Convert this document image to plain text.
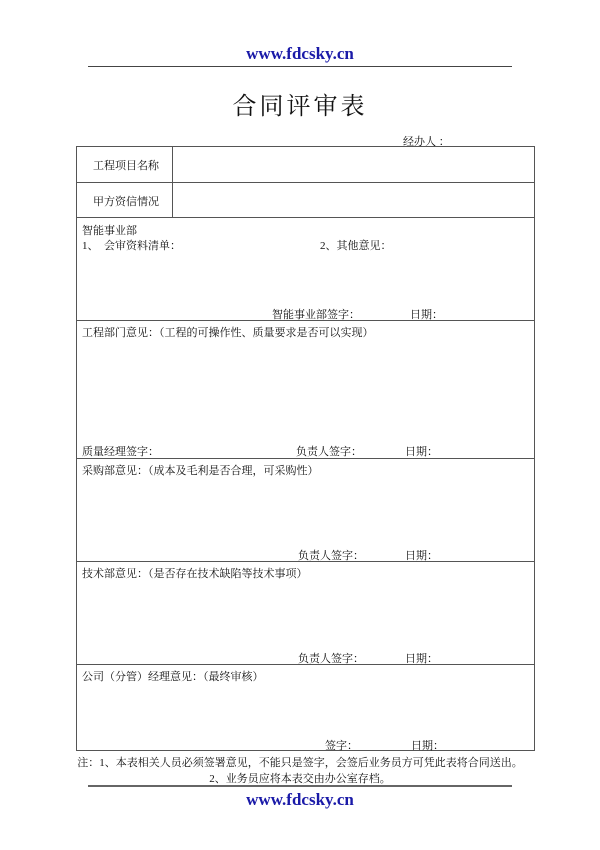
www.fdcsky.cn
合同评审表
经办人 ：
工程项目名称
甲方资信情况
智能事业部
1、　会审资料清单：	2、其他意见：
智能事业部签字：	日期：
工程部门意见：（工程的可操作性、质量要求是否可以实现）
质量经理签字：	负责人签字：	日期：
采购部意见：（成本及毛利是否合理，可采购性）
负责人签字：	日期：
技术部意见：（是否存在技术缺陷等技术事项）
负责人签字：	日期：
公司（分管）经理意见：（最终审核）
签字：	日期：
注：1、本表相关人员必须签署意见，不能只是签字，会签后业务员方可凭此表将合同送出。
2、业务员应将本表交由办公室存档。
www.fdcsky.cn
